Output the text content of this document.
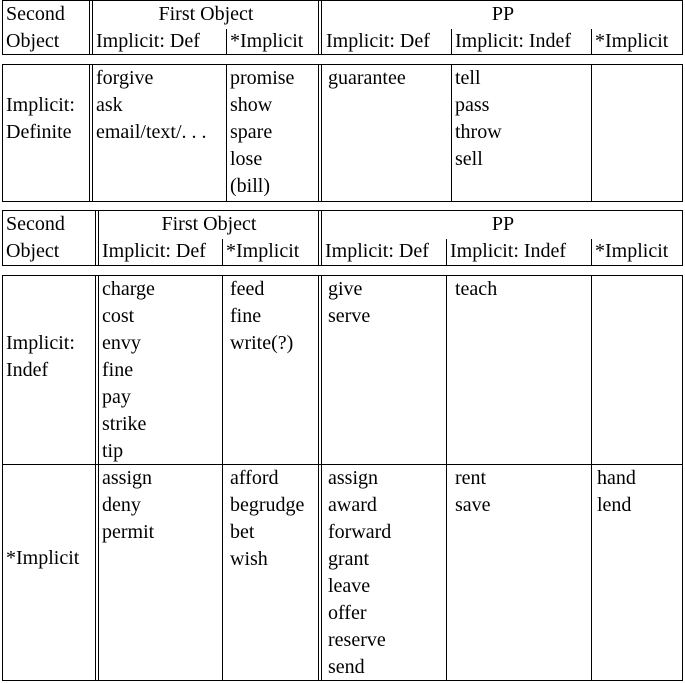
Second
Object
First Object	PP
Implicit: Def *Implicit Implicit: Def Implicit: Indef *Implicit
Implicit:
Definite
forgive
ask
email/text/. . .
promise
show
spare
lose
(bill)
guarantee tell
pass
throw
sell
Second
Object
First Object	PP
Implicit: Def *Implicit Implicit: Def Implicit: Indef *Implicit
Implicit:
Indef
charge
cost
envy
fine
pay
strike
tip
feed
fine
write(?)
give
serve
teach
*Implicit
assign
deny
permit
afford
begrudge
bet
wish
assign
award
forward
grant
leave
offer
reserve
send
rent
save
hand
lend
